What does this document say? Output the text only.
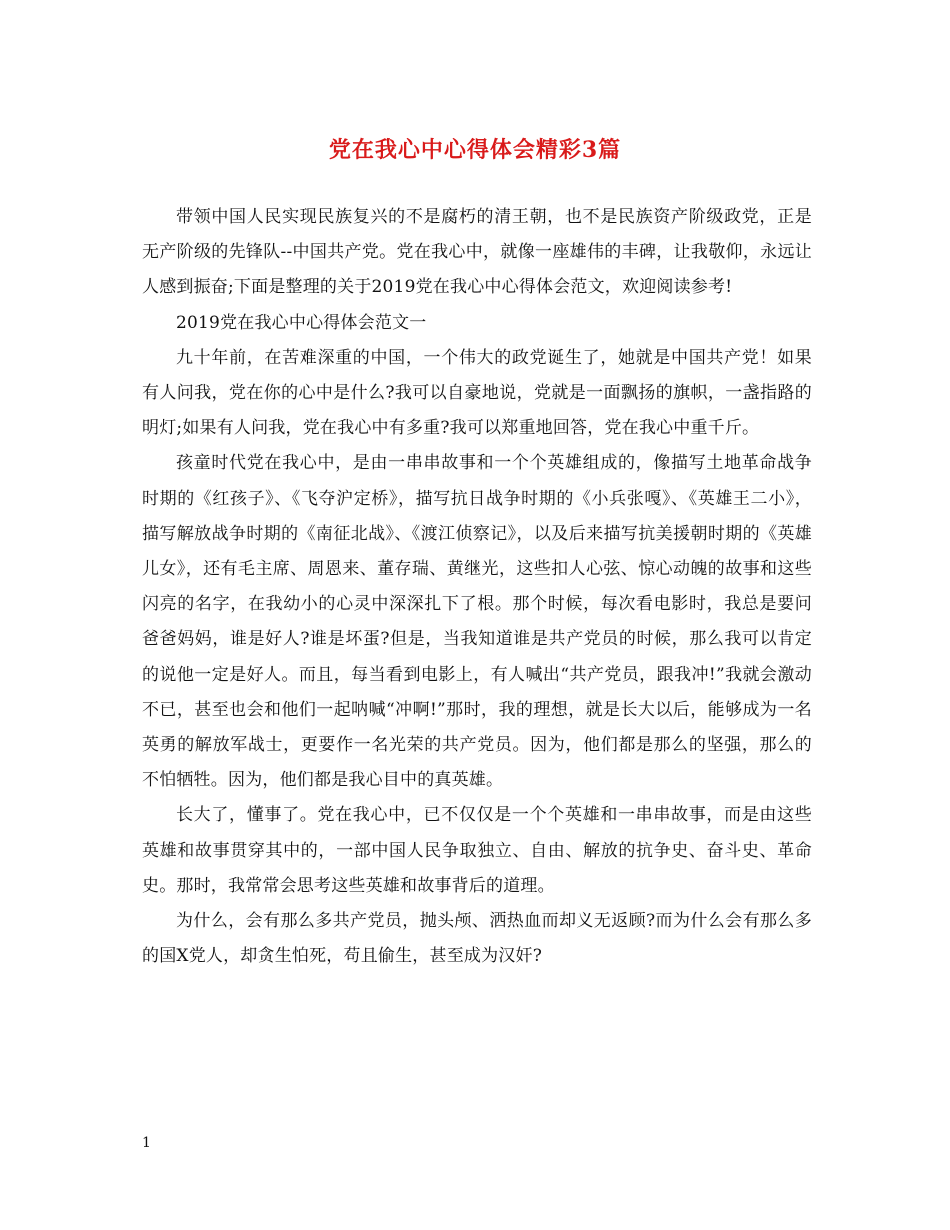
党在我心中心得体会精彩3篇

带领中国人民实现民族复兴的不是腐朽的清王朝，也不是民族资产阶级政党，正是无产阶级的先锋队--中国共产党。党在我心中，就像一座雄伟的丰碑，让我敬仰，永远让人感到振奋;下面是整理的关于2019党在我心中心得体会范文，欢迎阅读参考!

2019党在我心中心得体会范文一

九十年前，在苦难深重的中国，一个伟大的政党诞生了，她就是中国共产党！如果有人问我，党在你的心中是什么?我可以自豪地说，党就是一面飘扬的旗帜，一盏指路的明灯;如果有人问我，党在我心中有多重?我可以郑重地回答，党在我心中重千斤。

孩童时代党在我心中，是由一串串故事和一个个英雄组成的，像描写土地革命战争时期的《红孩子》、《飞夺沪定桥》，描写抗日战争时期的《小兵张嘎》、《英雄王二小》，描写解放战争时期的《南征北战》、《渡江侦察记》，以及后来描写抗美援朝时期的《英雄儿女》，还有毛主席、周恩来、董存瑞、黄继光，这些扣人心弦、惊心动魄的故事和这些闪亮的名字，在我幼小的心灵中深深扎下了根。那个时候，每次看电影时，我总是要问爸爸妈妈，谁是好人?谁是坏蛋?但是，当我知道谁是共产党员的时候，那么我可以肯定的说他一定是好人。而且，每当看到电影上，有人喊出“共产党员，跟我冲!”我就会激动不已，甚至也会和他们一起呐喊“冲啊!”那时，我的理想，就是长大以后，能够成为一名英勇的解放军战士，更要作一名光荣的共产党员。因为，他们都是那么的坚强，那么的不怕牺牲。因为，他们都是我心目中的真英雄。

长大了，懂事了。党在我心中，已不仅仅是一个个英雄和一串串故事，而是由这些英雄和故事贯穿其中的，一部中国人民争取独立、自由、解放的抗争史、奋斗史、革命史。那时，我常常会思考这些英雄和故事背后的道理。

为什么，会有那么多共产党员，抛头颅、洒热血而却义无返顾?而为什么会有那么多的国X党人，却贪生怕死，苟且偷生，甚至成为汉奸?

1
